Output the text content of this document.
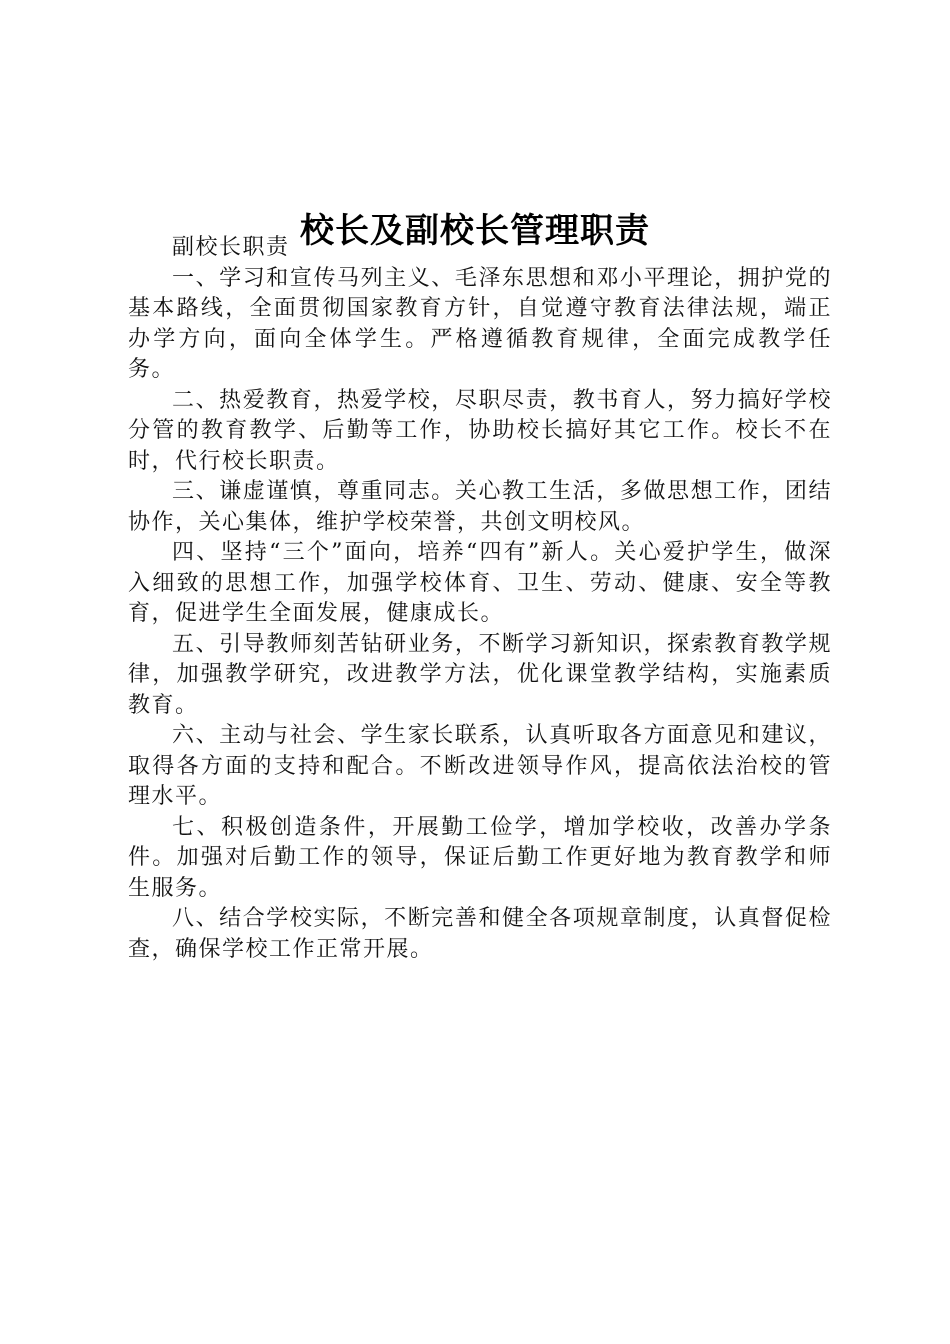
校长及副校长管理职责

副校长职责

一、学习和宣传马列主义、毛泽东思想和邓小平理论，拥护党的基本路线，全面贯彻国家教育方针，自觉遵守教育法律法规，端正办学方向，面向全体学生。严格遵循教育规律，全面完成教学任务。

二、热爱教育，热爱学校，尽职尽责，教书育人，努力搞好学校分管的教育教学、后勤等工作，协助校长搞好其它工作。校长不在时，代行校长职责。

三、谦虚谨慎，尊重同志。关心教工生活，多做思想工作，团结协作，关心集体，维护学校荣誉，共创文明校风。

四、坚持“三个”面向，培养“四有”新人。关心爱护学生，做深入细致的思想工作，加强学校体育、卫生、劳动、健康、安全等教育，促进学生全面发展，健康成长。

五、引导教师刻苦钻研业务，不断学习新知识，探索教育教学规律，加强教学研究，改进教学方法，优化课堂教学结构，实施素质教育。

六、主动与社会、学生家长联系，认真听取各方面意见和建议，取得各方面的支持和配合。不断改进领导作风，提高依法治校的管理水平。

七、积极创造条件，开展勤工俭学，增加学校收，改善办学条件。加强对后勤工作的领导，保证后勤工作更好地为教育教学和师生服务。

八、结合学校实际，不断完善和健全各项规章制度，认真督促检查，确保学校工作正常开展。
